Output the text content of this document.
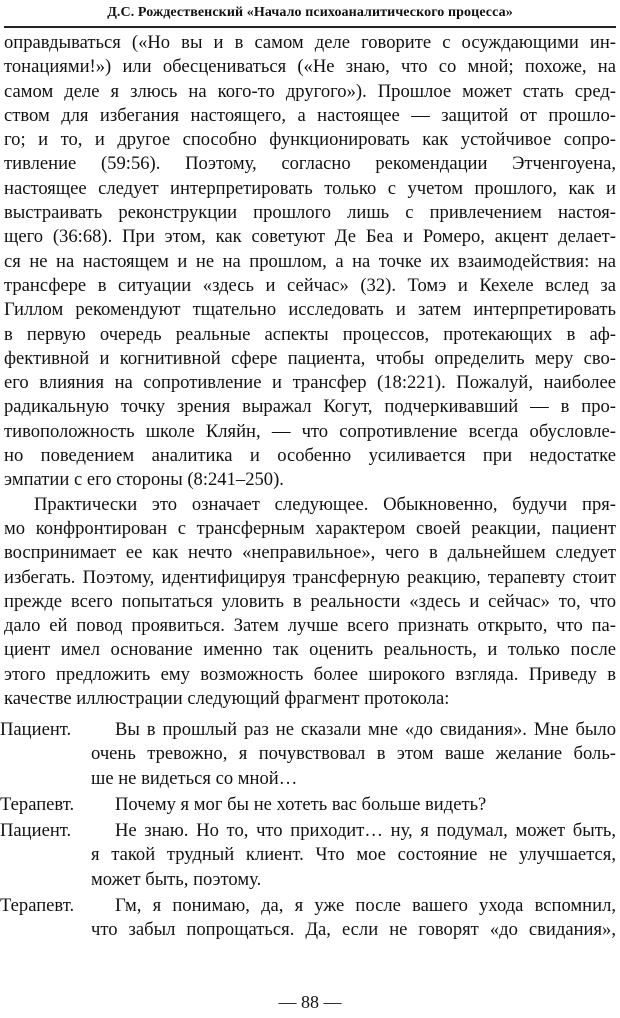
Д.С. Рождественский «Начало психоаналитического процесса»
оправдываться («Но вы и в самом деле говорите с осуждающими ин-
тонациями!») или обесцениваться («Не знаю, что со мной; похоже, на
самом деле я злюсь на кого-то другого»). Прошлое может стать сред-
ством для избегания настоящего, а настоящее — защитой от прошло-
го; и то, и другое способно функционировать как устойчивое сопро-
тивление (59:56). Поэтому, согласно рекомендации Этченгоуена,
настоящее следует интерпретировать только с учетом прошлого, как и
выстраивать реконструкции прошлого лишь с привлечением настоя-
щего (36:68). При этом, как советуют Де Беа и Ромеро, акцент делает-
ся не на настоящем и не на прошлом, а на точке их взаимодействия: на
трансфере в ситуации «здесь и сейчас» (32). Томэ и Кехеле вслед за
Гиллом рекомендуют тщательно исследовать и затем интерпретировать
в первую очередь реальные аспекты процессов, протекающих в аф-
фективной и когнитивной сфере пациента, чтобы определить меру сво-
его влияния на сопротивление и трансфер (18:221). Пожалуй, наиболее
радикальную точку зрения выражал Когут, подчеркивавший — в про-
тивоположность школе Кляйн, — что сопротивление всегда обусловле-
но поведением аналитика и особенно усиливается при недостатке
эмпатии с его стороны (8:241–250).
Практически это означает следующее. Обыкновенно, будучи пря-
мо конфронтирован с трансферным характером своей реакции, пациент
воспринимает ее как нечто «неправильное», чего в дальнейшем следует
избегать. Поэтому, идентифицируя трансферную реакцию, терапевту стоит
прежде всего попытаться уловить в реальности «здесь и сейчас» то, что
дало ей повод проявиться. Затем лучше всего признать открыто, что па-
циент имел основание именно так оценить реальность, и только после
этого предложить ему возможность более широкого взгляда. Приведу в
качестве иллюстрации следующий фрагмент протокола:
Пациент.	Вы в прошлый раз не сказали мне «до свидания». Мне было
очень тревожно, я почувствовал в этом ваше желание боль-
ше не видеться со мной…
Терапевт.	Почему я мог бы не хотеть вас больше видеть?
Пациент.	Не знаю. Но то, что приходит… ну, я подумал, может быть,
я такой трудный клиент. Что мое состояние не улучшается,
может быть, поэтому.
Терапевт.	Гм, я понимаю, да, я уже после вашего ухода вспомнил,
что забыл попрощаться. Да, если не говорят «до свидания»,
— 88 —
